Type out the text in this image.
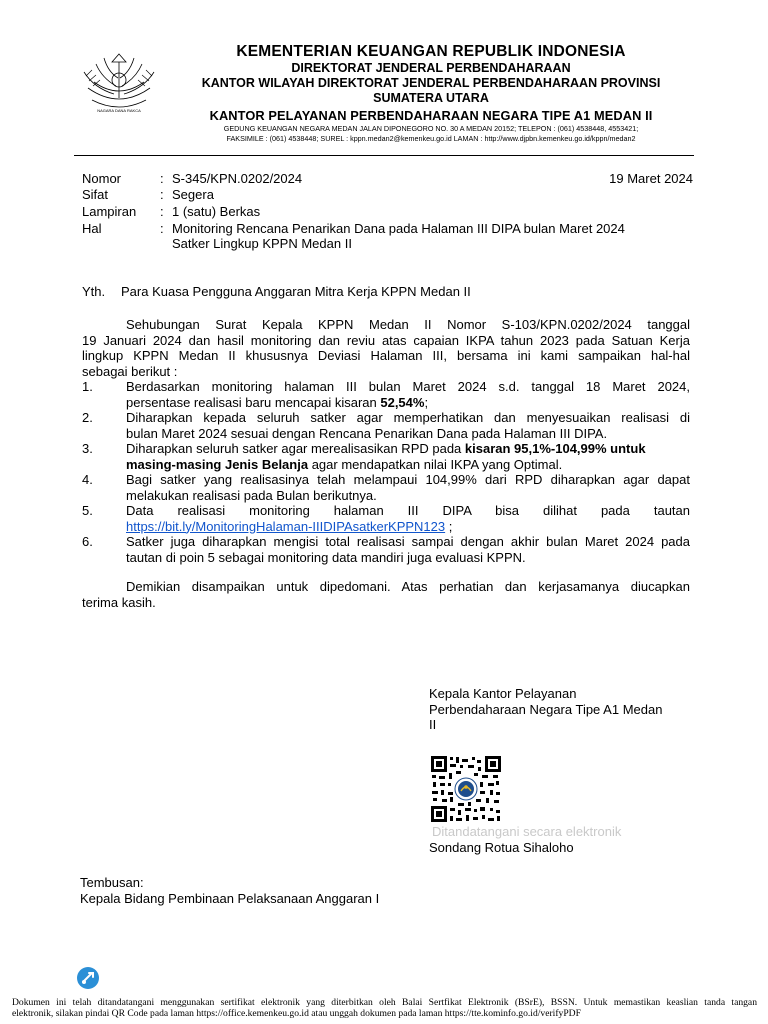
NAGARA DANA RAKCA
KEMENTERIAN KEUANGAN REPUBLIK INDONESIA
DIREKTORAT JENDERAL PERBENDAHARAAN
KANTOR WILAYAH DIREKTORAT JENDERAL PERBENDAHARAAN PROVINSI
SUMATERA UTARA
KANTOR PELAYANAN PERBENDAHARAAN NEGARA TIPE A1 MEDAN II
GEDUNG KEUANGAN NEGARA MEDAN JALAN DIPONEGORO NO. 30 A MEDAN 20152; TELEPON : (061) 4538448, 4553421;
FAKSIMILE : (061) 4538448; SUREL : kppn.medan2@kemenkeu.go.id LAMAN : http://www.djpbn.kemenkeu.go.id/kppn/medan2
Nomor	: S-345/KPN.0202/2024	19 Maret 2024
Sifat	: Segera
Lampiran : 1 (satu) Berkas
Hal	: Monitoring Rencana Penarikan Dana pada Halaman III DIPA bulan Maret 2024
Satker Lingkup KPPN Medan II
Yth. Para Kuasa Pengguna Anggaran Mitra Kerja KPPN Medan II
Sehubungan Surat Kepala KPPN Medan II Nomor S-103/KPN.0202/2024 tanggal
19 Januari 2024 dan hasil monitoring dan reviu atas capaian IKPA tahun 2023 pada Satuan Kerja
lingkup KPPN Medan II khususnya Deviasi Halaman III, bersama ini kami sampaikan hal-hal
sebagai berikut :
1.	Berdasarkan monitoring halaman III bulan Maret 2024 s.d. tanggal 18 Maret 2024,
persentase realisasi baru mencapai kisaran 52,54%;
2.	Diharapkan kepada seluruh satker agar memperhatikan dan menyesuaikan realisasi di
bulan Maret 2024 sesuai dengan Rencana Penarikan Dana pada Halaman III DIPA.
3.	Diharapkan seluruh satker agar merealisasikan RPD pada kisaran 95,1%-104,99% untuk
masing-masing Jenis Belanja agar mendapatkan nilai IKPA yang Optimal.
4.	Bagi satker yang realisasinya telah melampaui 104,99% dari RPD diharapkan agar dapat
melakukan realisasi pada Bulan berikutnya.
5.	Data realisasi monitoring halaman III DIPA bisa dilihat pada tautan
https://bit.ly/MonitoringHalaman-IIIDIPAsatkerKPPN123 ;
6.	Satker juga diharapkan mengisi total realisasi sampai dengan akhir bulan Maret 2024 pada
tautan di poin 5 sebagai monitoring data mandiri juga evaluasi KPPN.
Demikian disampaikan untuk dipedomani. Atas perhatian dan kerjasamanya diucapkan
terima kasih.
Kepala Kantor Pelayanan
Perbendaharaan Negara Tipe A1 Medan
II
Ditandatangani secara elektronik
Sondang Rotua Sihaloho
Tembusan:
Kepala Bidang Pembinaan Pelaksanaan Anggaran I
Dokumen ini telah ditandatangani menggunakan sertifikat elektronik yang diterbitkan oleh Balai Sertfikat Elektronik (BSrE), BSSN. Untuk memastikan keaslian tanda tangan
elektronik, silakan pindai QR Code pada laman https://office.kemenkeu.go.id atau unggah dokumen pada laman https://tte.kominfo.go.id/verifyPDF
